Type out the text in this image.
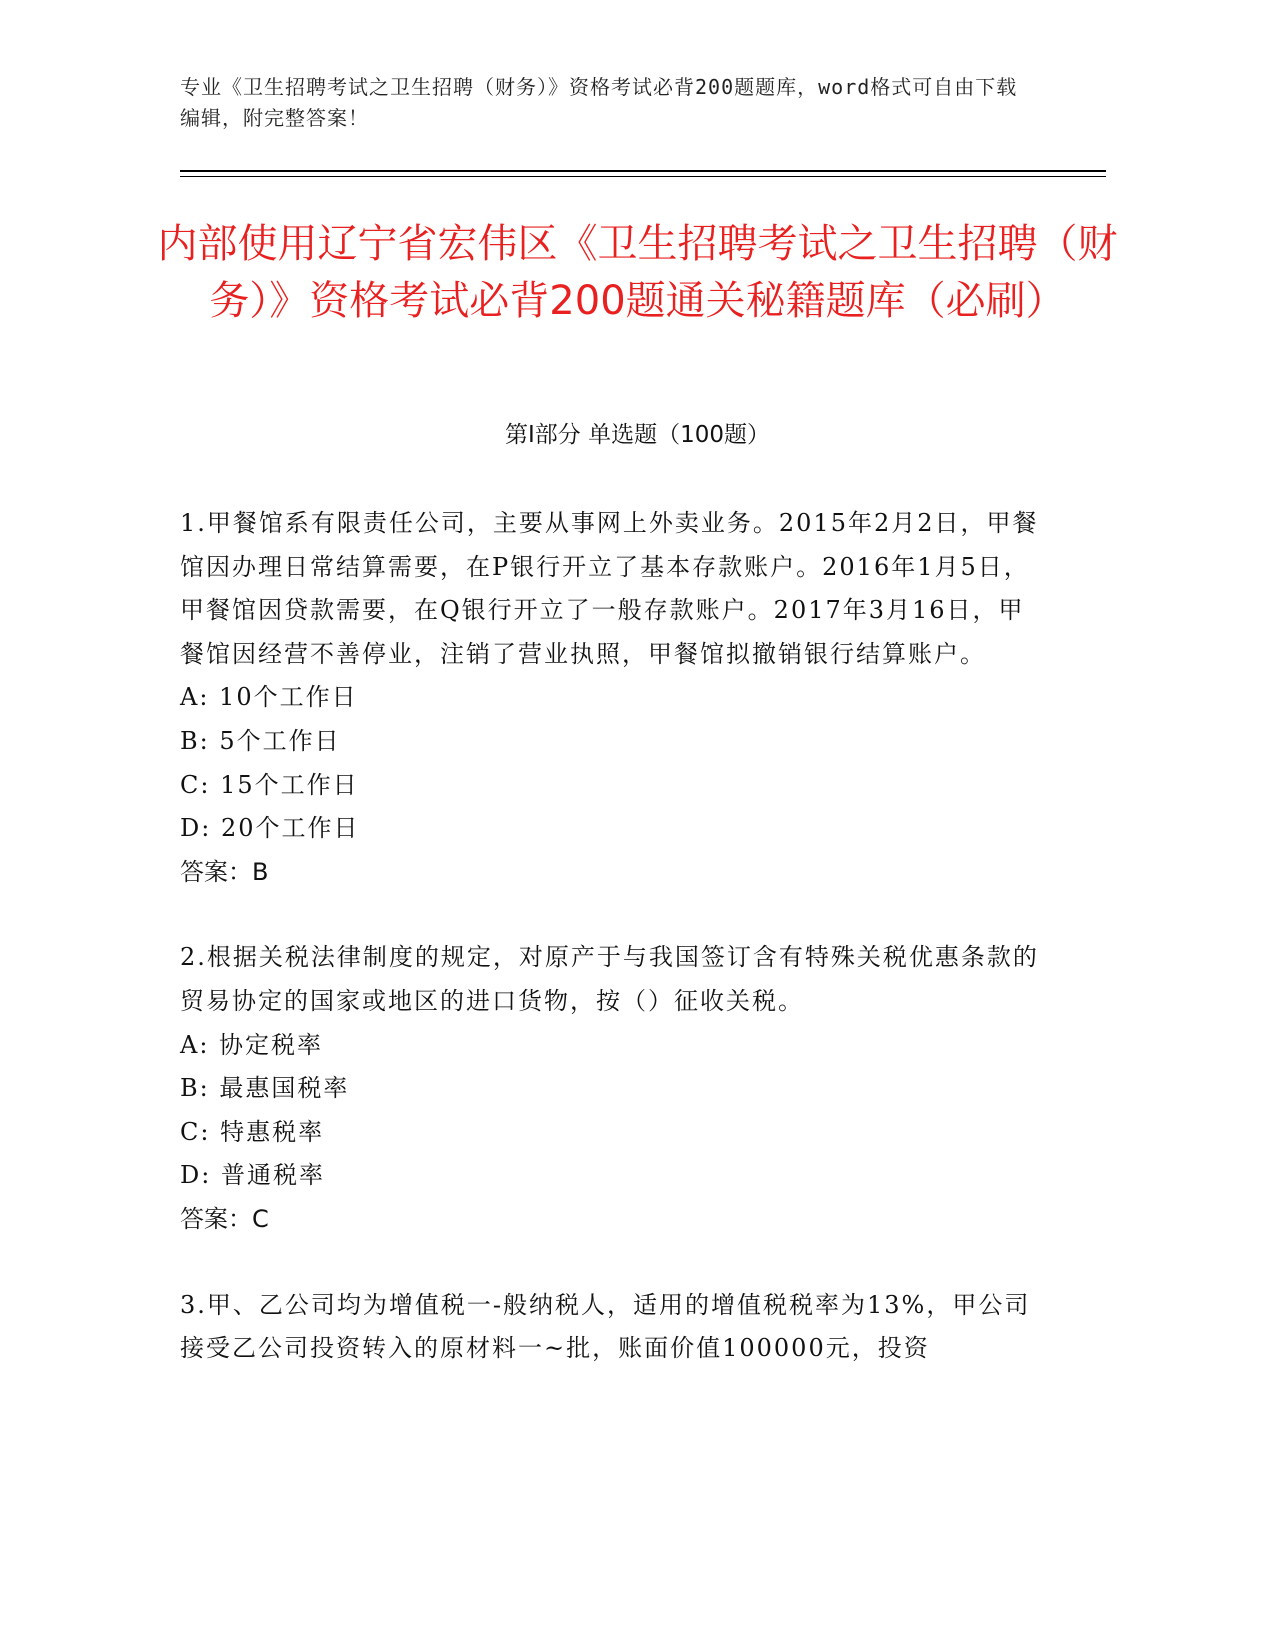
专业《卫生招聘考试之卫生招聘（财务）》资格考试必背200题题库，word格式可自由下载编辑，附完整答案！
内部使用辽宁省宏伟区《卫生招聘考试之卫生招聘（财务）》资格考试必背200题通关秘籍题库（必刷）
第Ⅰ部分 单选题（100题）

1.甲餐馆系有限责任公司，主要从事网上外卖业务。2015年2月2日，甲餐馆因办理日常结算需要，在P银行开立了基本存款账户。2016年1月5日，甲餐馆因贷款需要，在Q银行开立了一般存款账户。2017年3月16日，甲餐馆因经营不善停业，注销了营业执照，甲餐馆拟撤销银行结算账户。

A: 10个工作日

B: 5个工作日

C: 15个工作日

D: 20个工作日

答案：B

2.根据关税法律制度的规定，对原产于与我国签订含有特殊关税优惠条款的贸易协定的国家或地区的进口货物，按（）征收关税。

A: 协定税率

B: 最惠国税率

C: 特惠税率

D: 普通税率

答案：C

3.甲、乙公司均为增值税一-般纳税人，适用的增值税税率为13%，甲公司接受乙公司投资转入的原材料一~批，账面价值100000元，投资
